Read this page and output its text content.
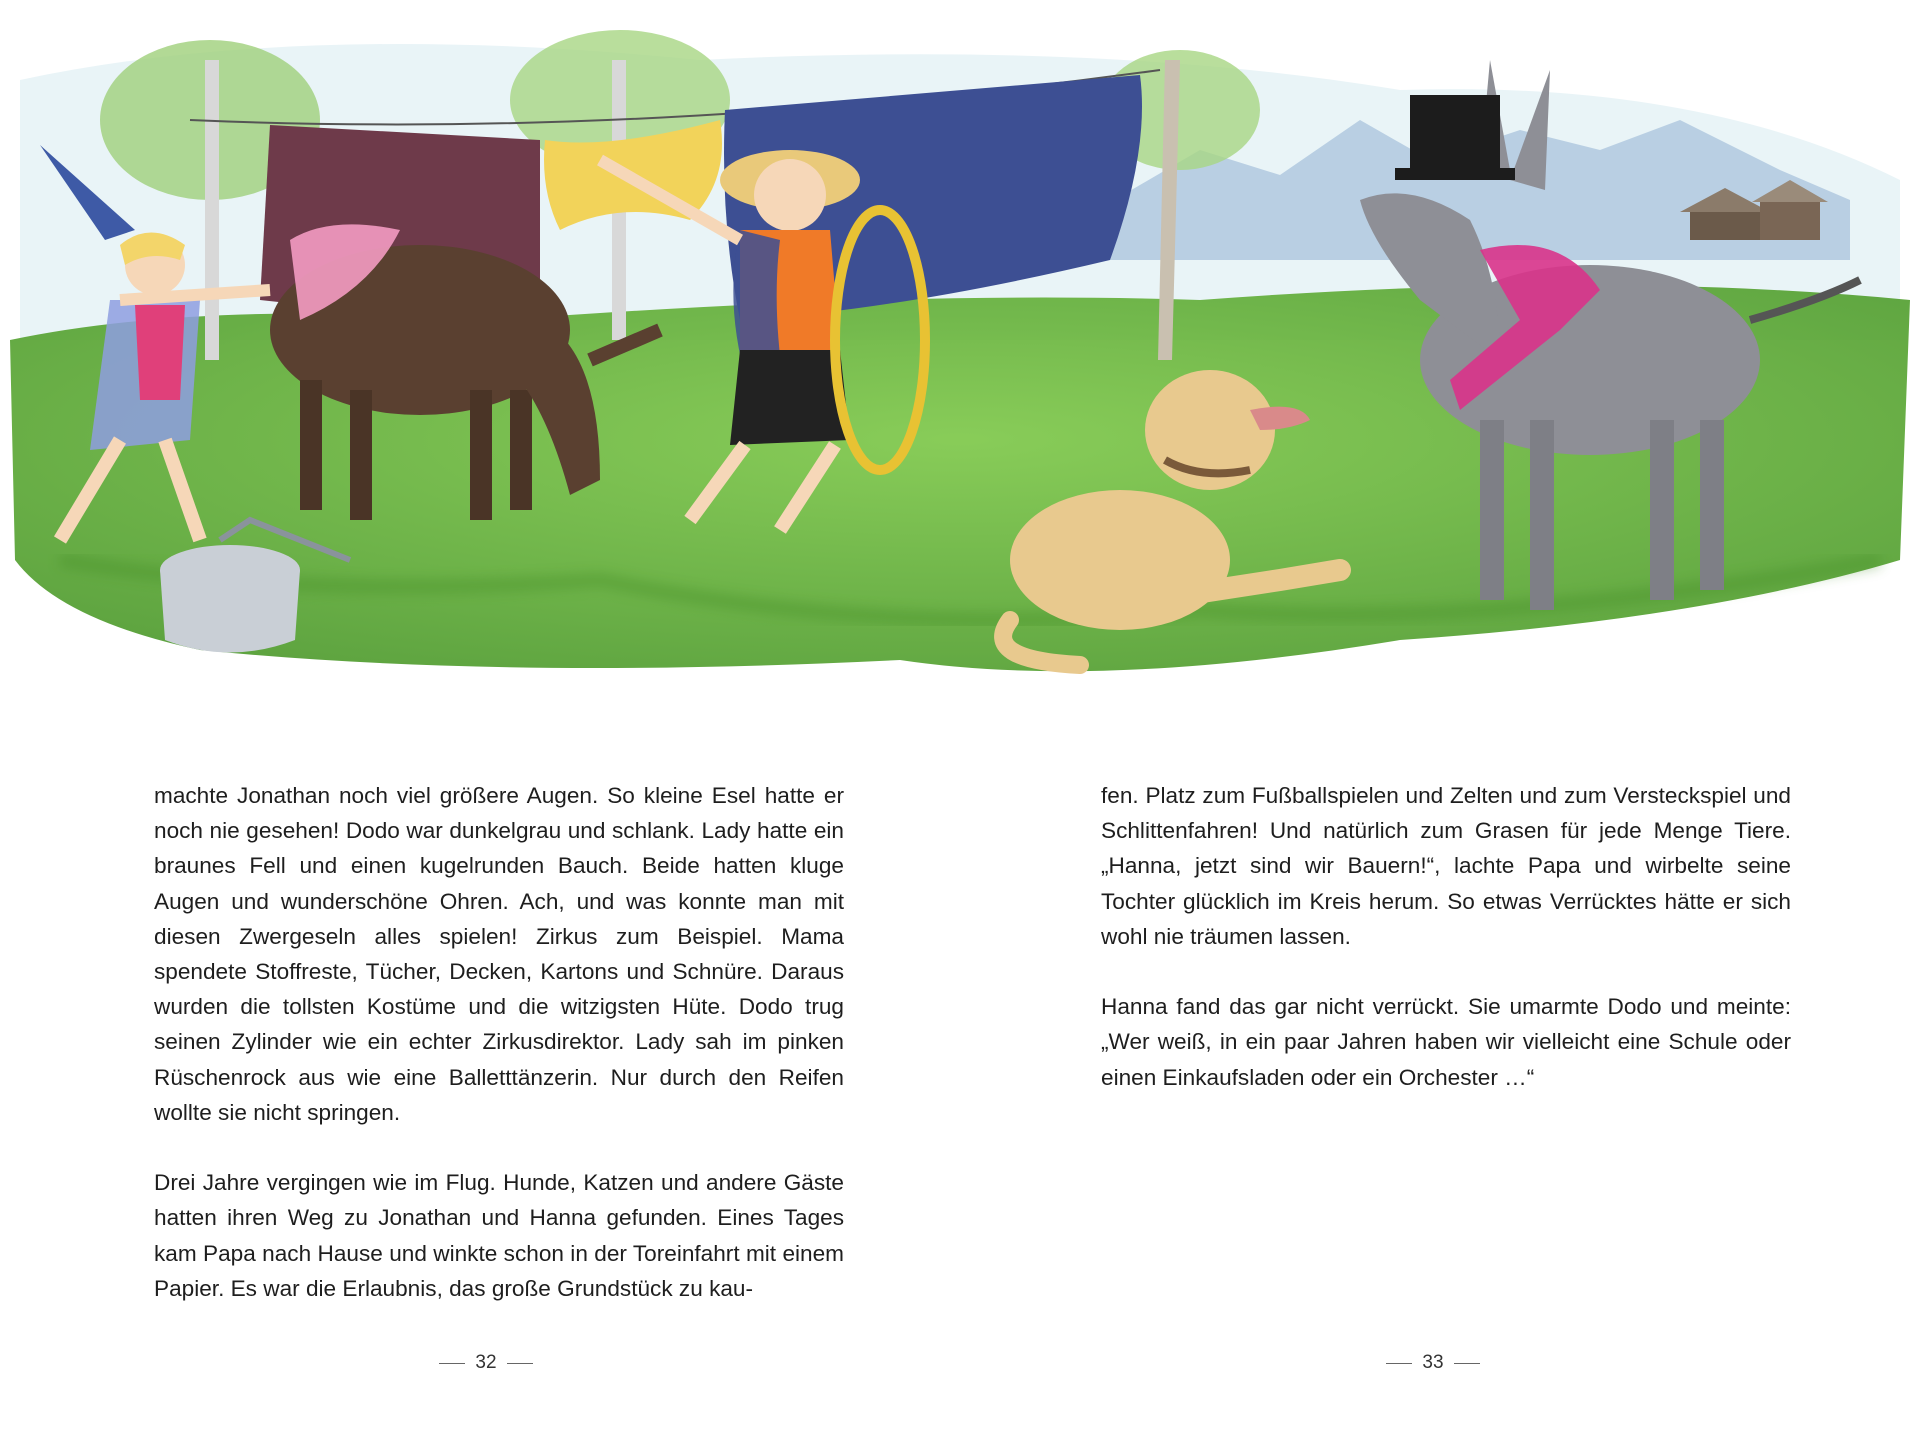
machte Jonathan noch viel größere Augen. So kleine Esel hatte er noch nie gesehen! Dodo war dunkelgrau und schlank. Lady hatte ein braunes Fell und einen kugelrunden Bauch. Beide hatten kluge Augen und wunderschöne Ohren. Ach, und was konnte man mit diesen Zwergeseln alles spielen! Zirkus zum Beispiel. Mama spendete Stoffreste, Tücher, Decken, Kartons und Schnüre. Daraus wurden die tollsten Kostüme und die witzigsten Hüte. Dodo trug seinen Zylinder wie ein echter Zirkusdirektor. Lady sah im pinken Rüschenrock aus wie eine Balletttänzerin. Nur durch den Reifen wollte sie nicht springen.

Drei Jahre vergingen wie im Flug. Hunde, Katzen und andere Gäste hatten ihren Weg zu Jonathan und Hanna gefunden. Eines Tages kam Papa nach Hause und winkte schon in der Toreinfahrt mit einem Papier. Es war die Erlaubnis, das große Grundstück zu kau-

fen. Platz zum Fußballspielen und Zelten und zum Versteckspiel und Schlittenfahren! Und natürlich zum Grasen für jede Menge Tiere. „Hanna, jetzt sind wir Bauern!“, lachte Papa und wirbelte seine Tochter glücklich im Kreis herum. So etwas Verrücktes hätte er sich wohl nie träumen lassen.

Hanna fand das gar nicht verrückt. Sie umarmte Dodo und meinte: „Wer weiß, in ein paar Jahren haben wir vielleicht eine Schule oder einen Einkaufsladen oder ein Orchester …“

32	33
